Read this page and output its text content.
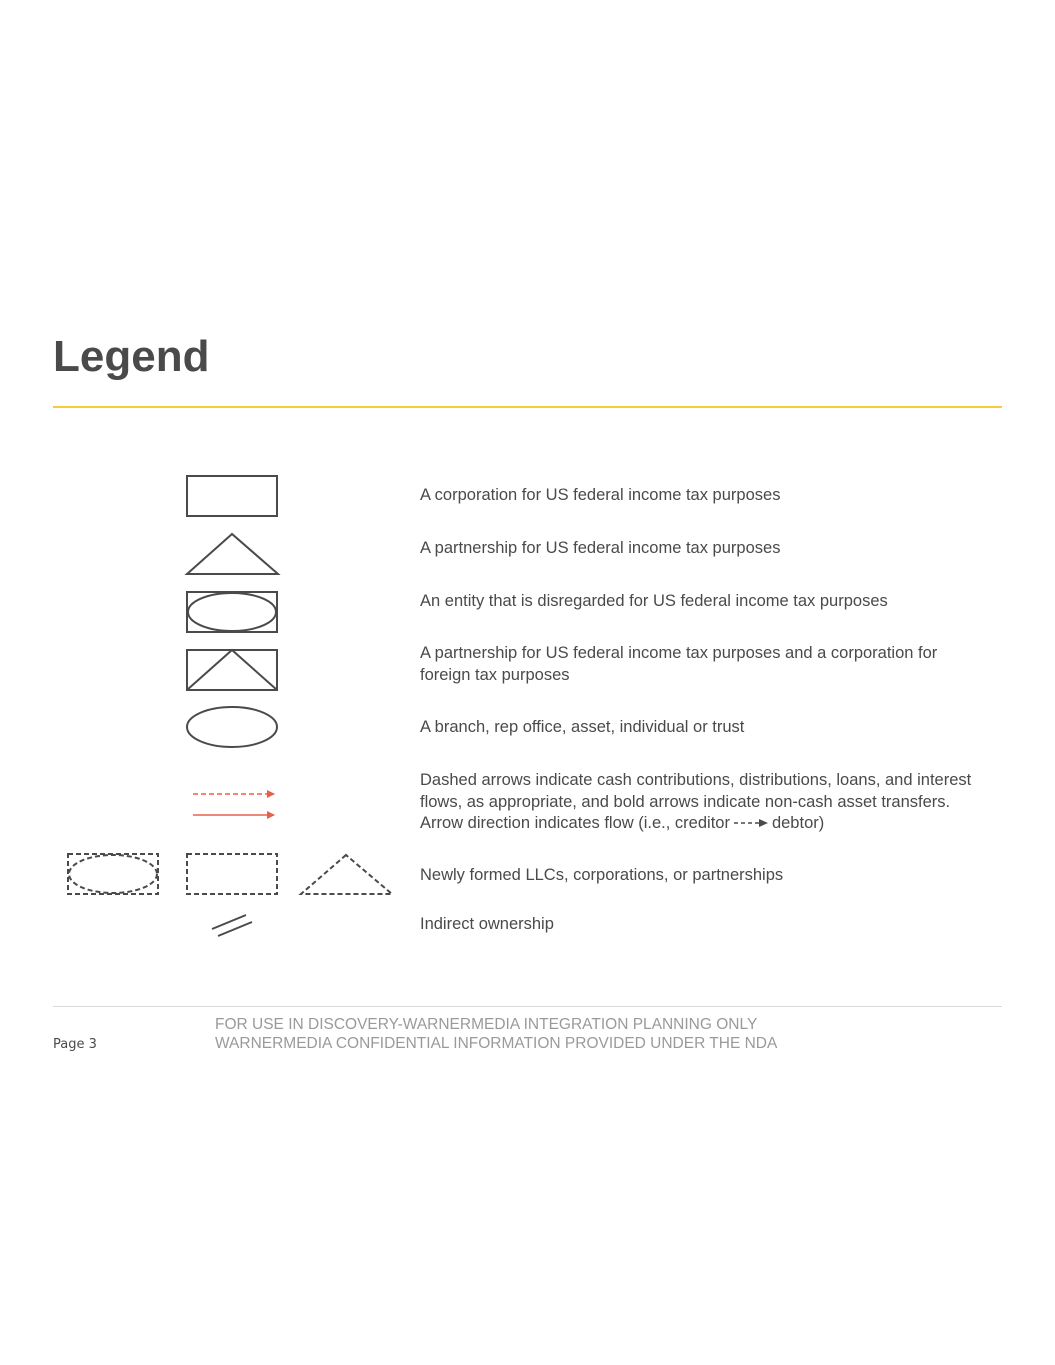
Legend

A corporation for US federal income tax purposes

A partnership for US federal income tax purposes

An entity that is disregarded for US federal income tax purposes

A partnership for US federal income tax purposes and a corporation for foreign tax purposes

A branch, rep office, asset, individual or trust

Dashed arrows indicate cash contributions, distributions, loans, and interest flows, as appropriate, and bold arrows indicate non-cash asset transfers. Arrow direction indicates flow (i.e., creditor	debtor)

Newly formed LLCs, corporations, or partnerships

Indirect ownership

Page 3
FOR USE IN DISCOVERY-WARNERMEDIA INTEGRATION PLANNING ONLY
WARNERMEDIA CONFIDENTIAL INFORMATION PROVIDED UNDER THE NDA
